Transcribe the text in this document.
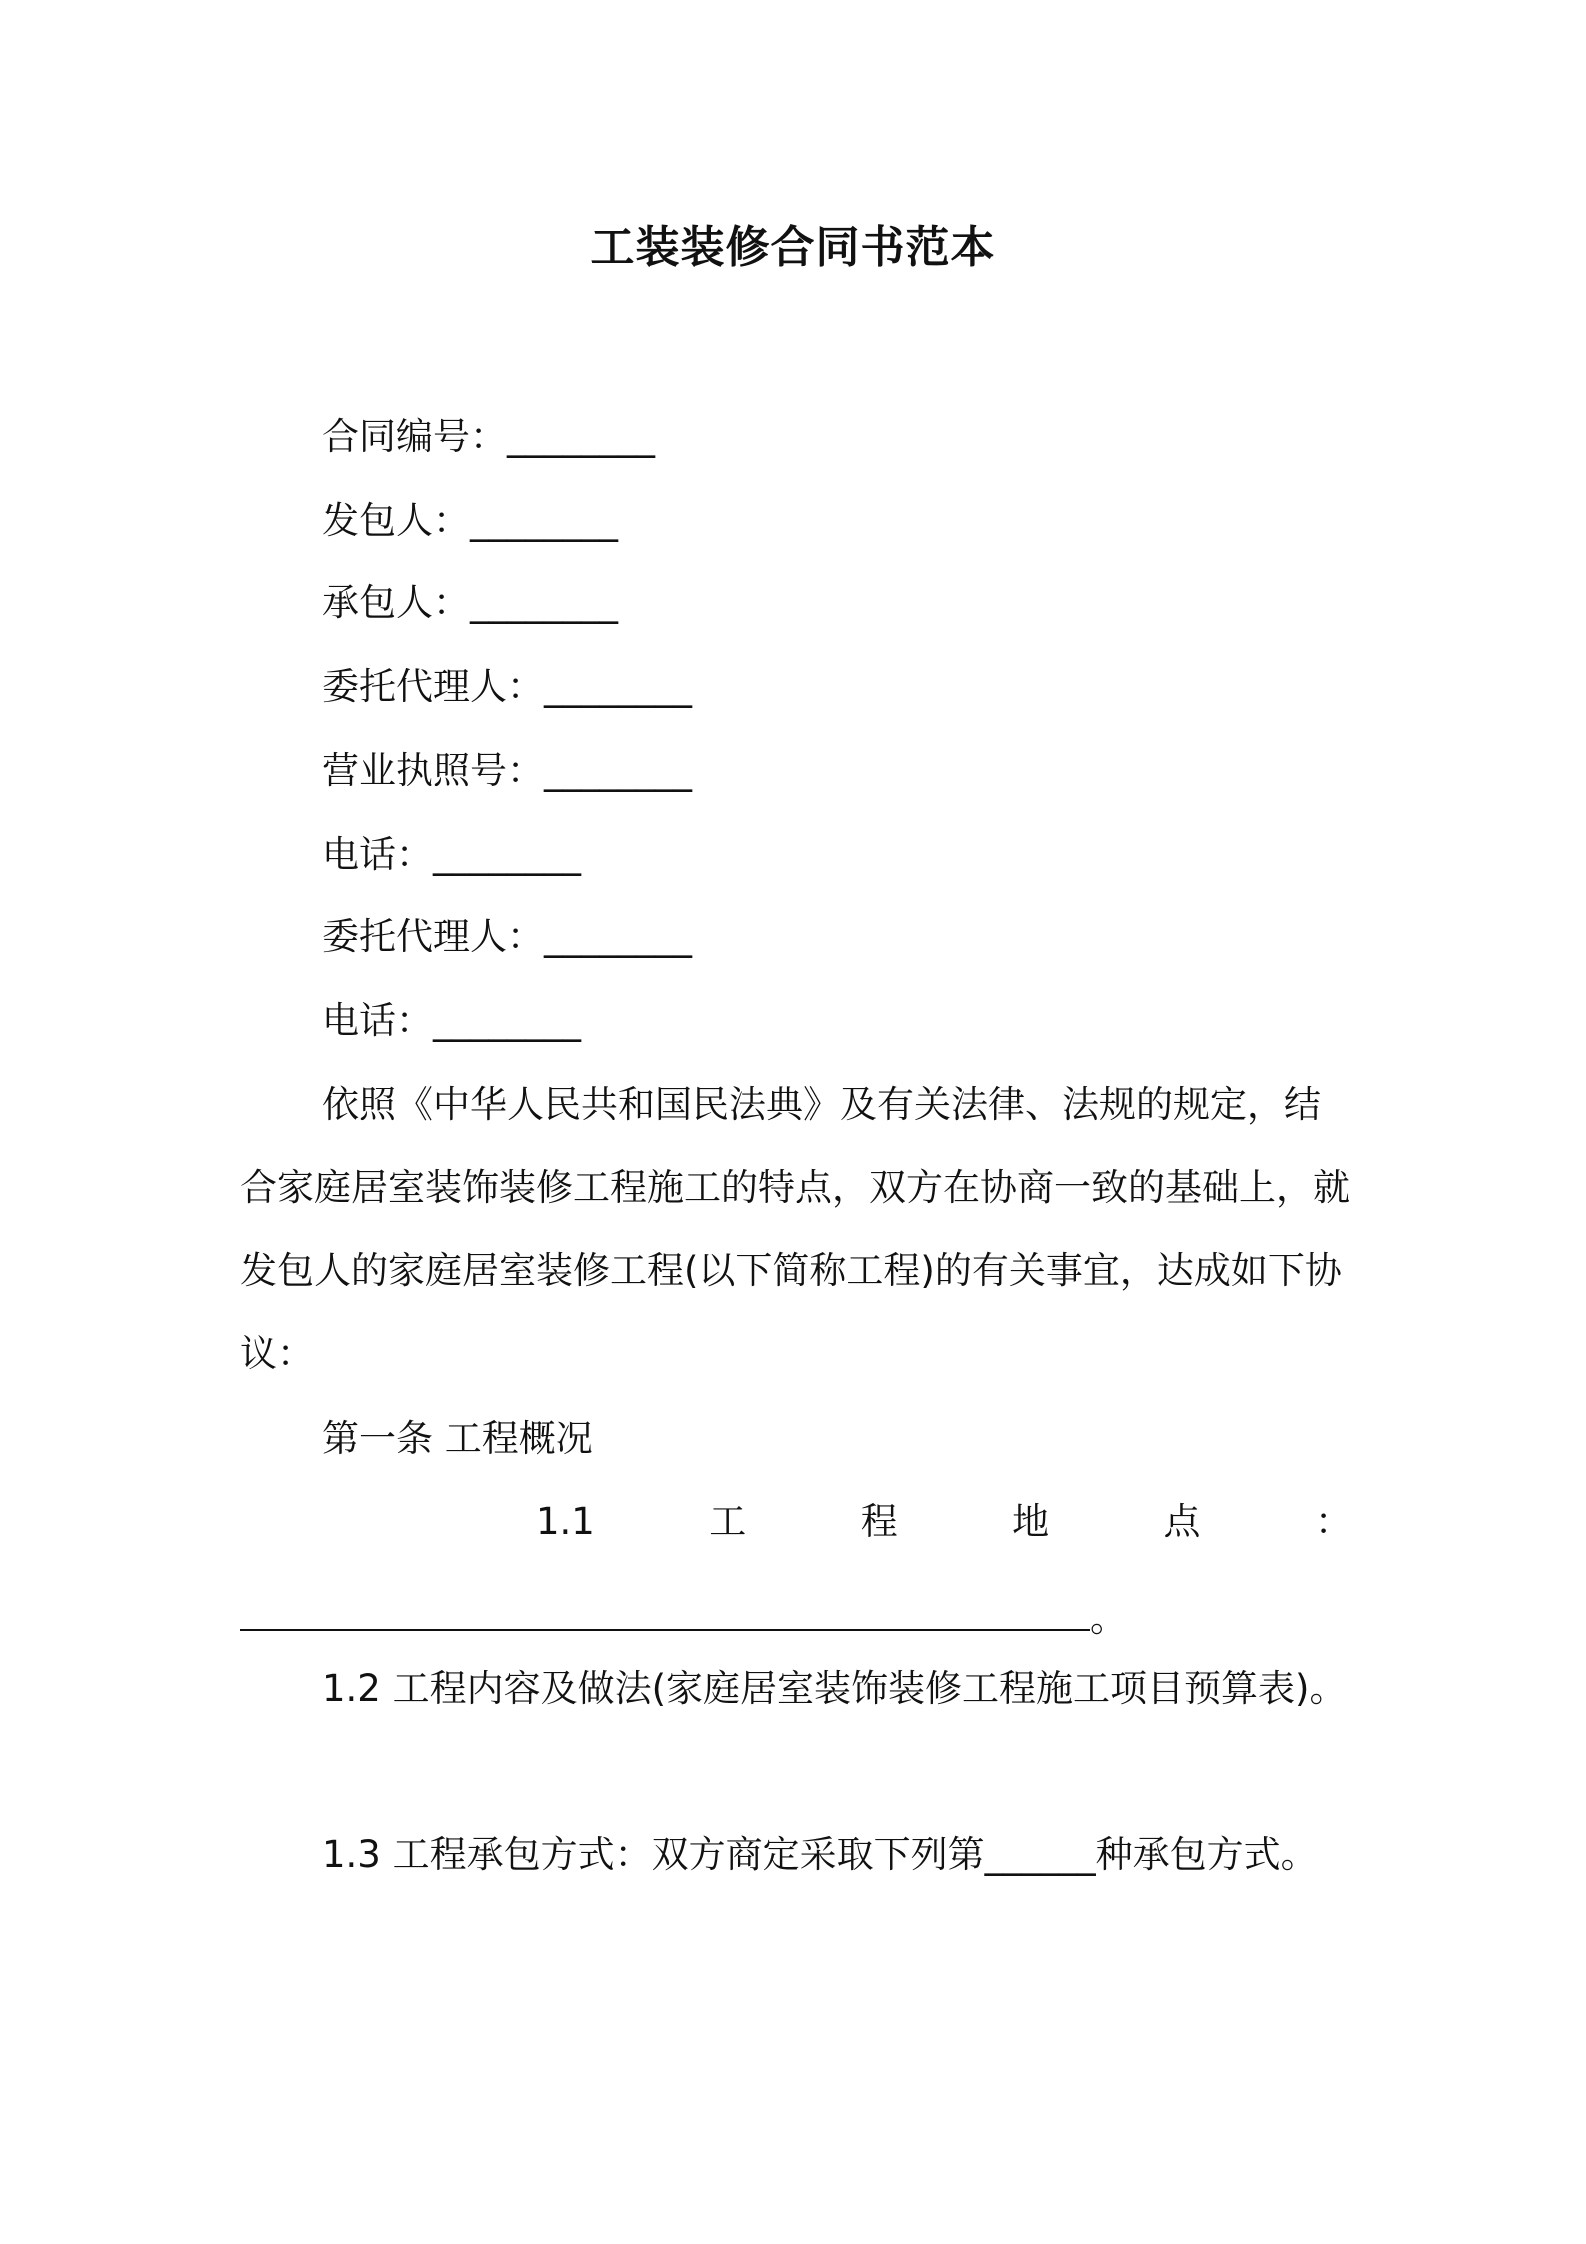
工装装修合同书范本
合同编号：________
发包人：________
承包人：________
委托代理人：________
营业执照号：________
电话：________
委托代理人：________
电话：________

依照《中华人民共和国民法典》及有关法律、法规的规定，结合家庭居室装饰装修工程施工的特点，双方在协商一致的基础上，就发包人的家庭居室装修工程(以下简称工程)的有关事宜，达成如下协议：

第一条 工程概况
1.1	工	程	地	点	：
。

1.2 工程内容及做法(家庭居室装饰装修工程施工项目预算表)。

1.3 工程承包方式：双方商定采取下列第______种承包方式。
